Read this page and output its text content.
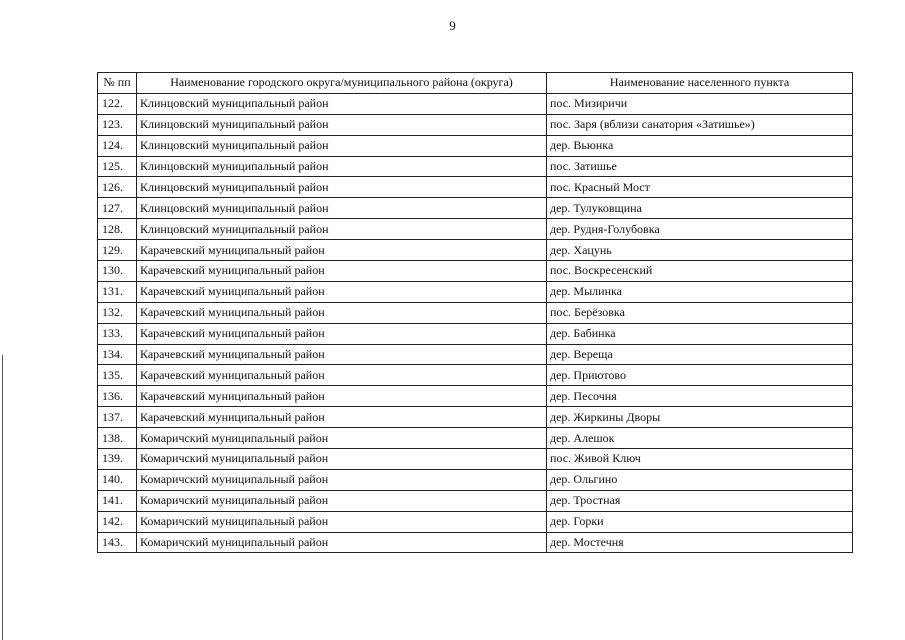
9
№ пп	Наименование городского округа/муниципального района (округа)	Наименование населенного пункта
122.	Клинцовский муниципальный район	пос. Мизиричи
123.	Клинцовский муниципальный район	пос. Заря (вблизи санатория «Затишье»)
124.	Клинцовский муниципальный район	дер. Вьюнка
125.	Клинцовский муниципальный район	пос. Затишье
126.	Клинцовский муниципальный район	пос. Красный Мост
127.	Клинцовский муниципальный район	дер. Тулуковщина
128.	Клинцовский муниципальный район	дер. Рудня-Голубовка
129.	Карачевский муниципальный район	дер. Хацунь
130.	Карачевский муниципальный район	пос. Воскресенский
131.	Карачевский муниципальный район	дер. Мылинка
132.	Карачевский муниципальный район	пос. Берёзовка
133.	Карачевский муниципальный район	дер. Бабинка
134.	Карачевский муниципальный район	дер. Верещa
135.	Карачевский муниципальный район	дер. Приютово
136.	Карачевский муниципальный район	дер. Песочня
137.	Карачевский муниципальный район	дер. Жиркины Дворы
138.	Комаричский муниципальный район	дер. Алешок
139.	Комаричский муниципальный район	пос. Живой Ключ
140.	Комаричский муниципальный район	дер. Ольгино
141.	Комаричский муниципальный район	дер. Тростная
142.	Комаричский муниципальный район	дер. Горки
143.	Комаричский муниципальный район	дер. Мостечня
